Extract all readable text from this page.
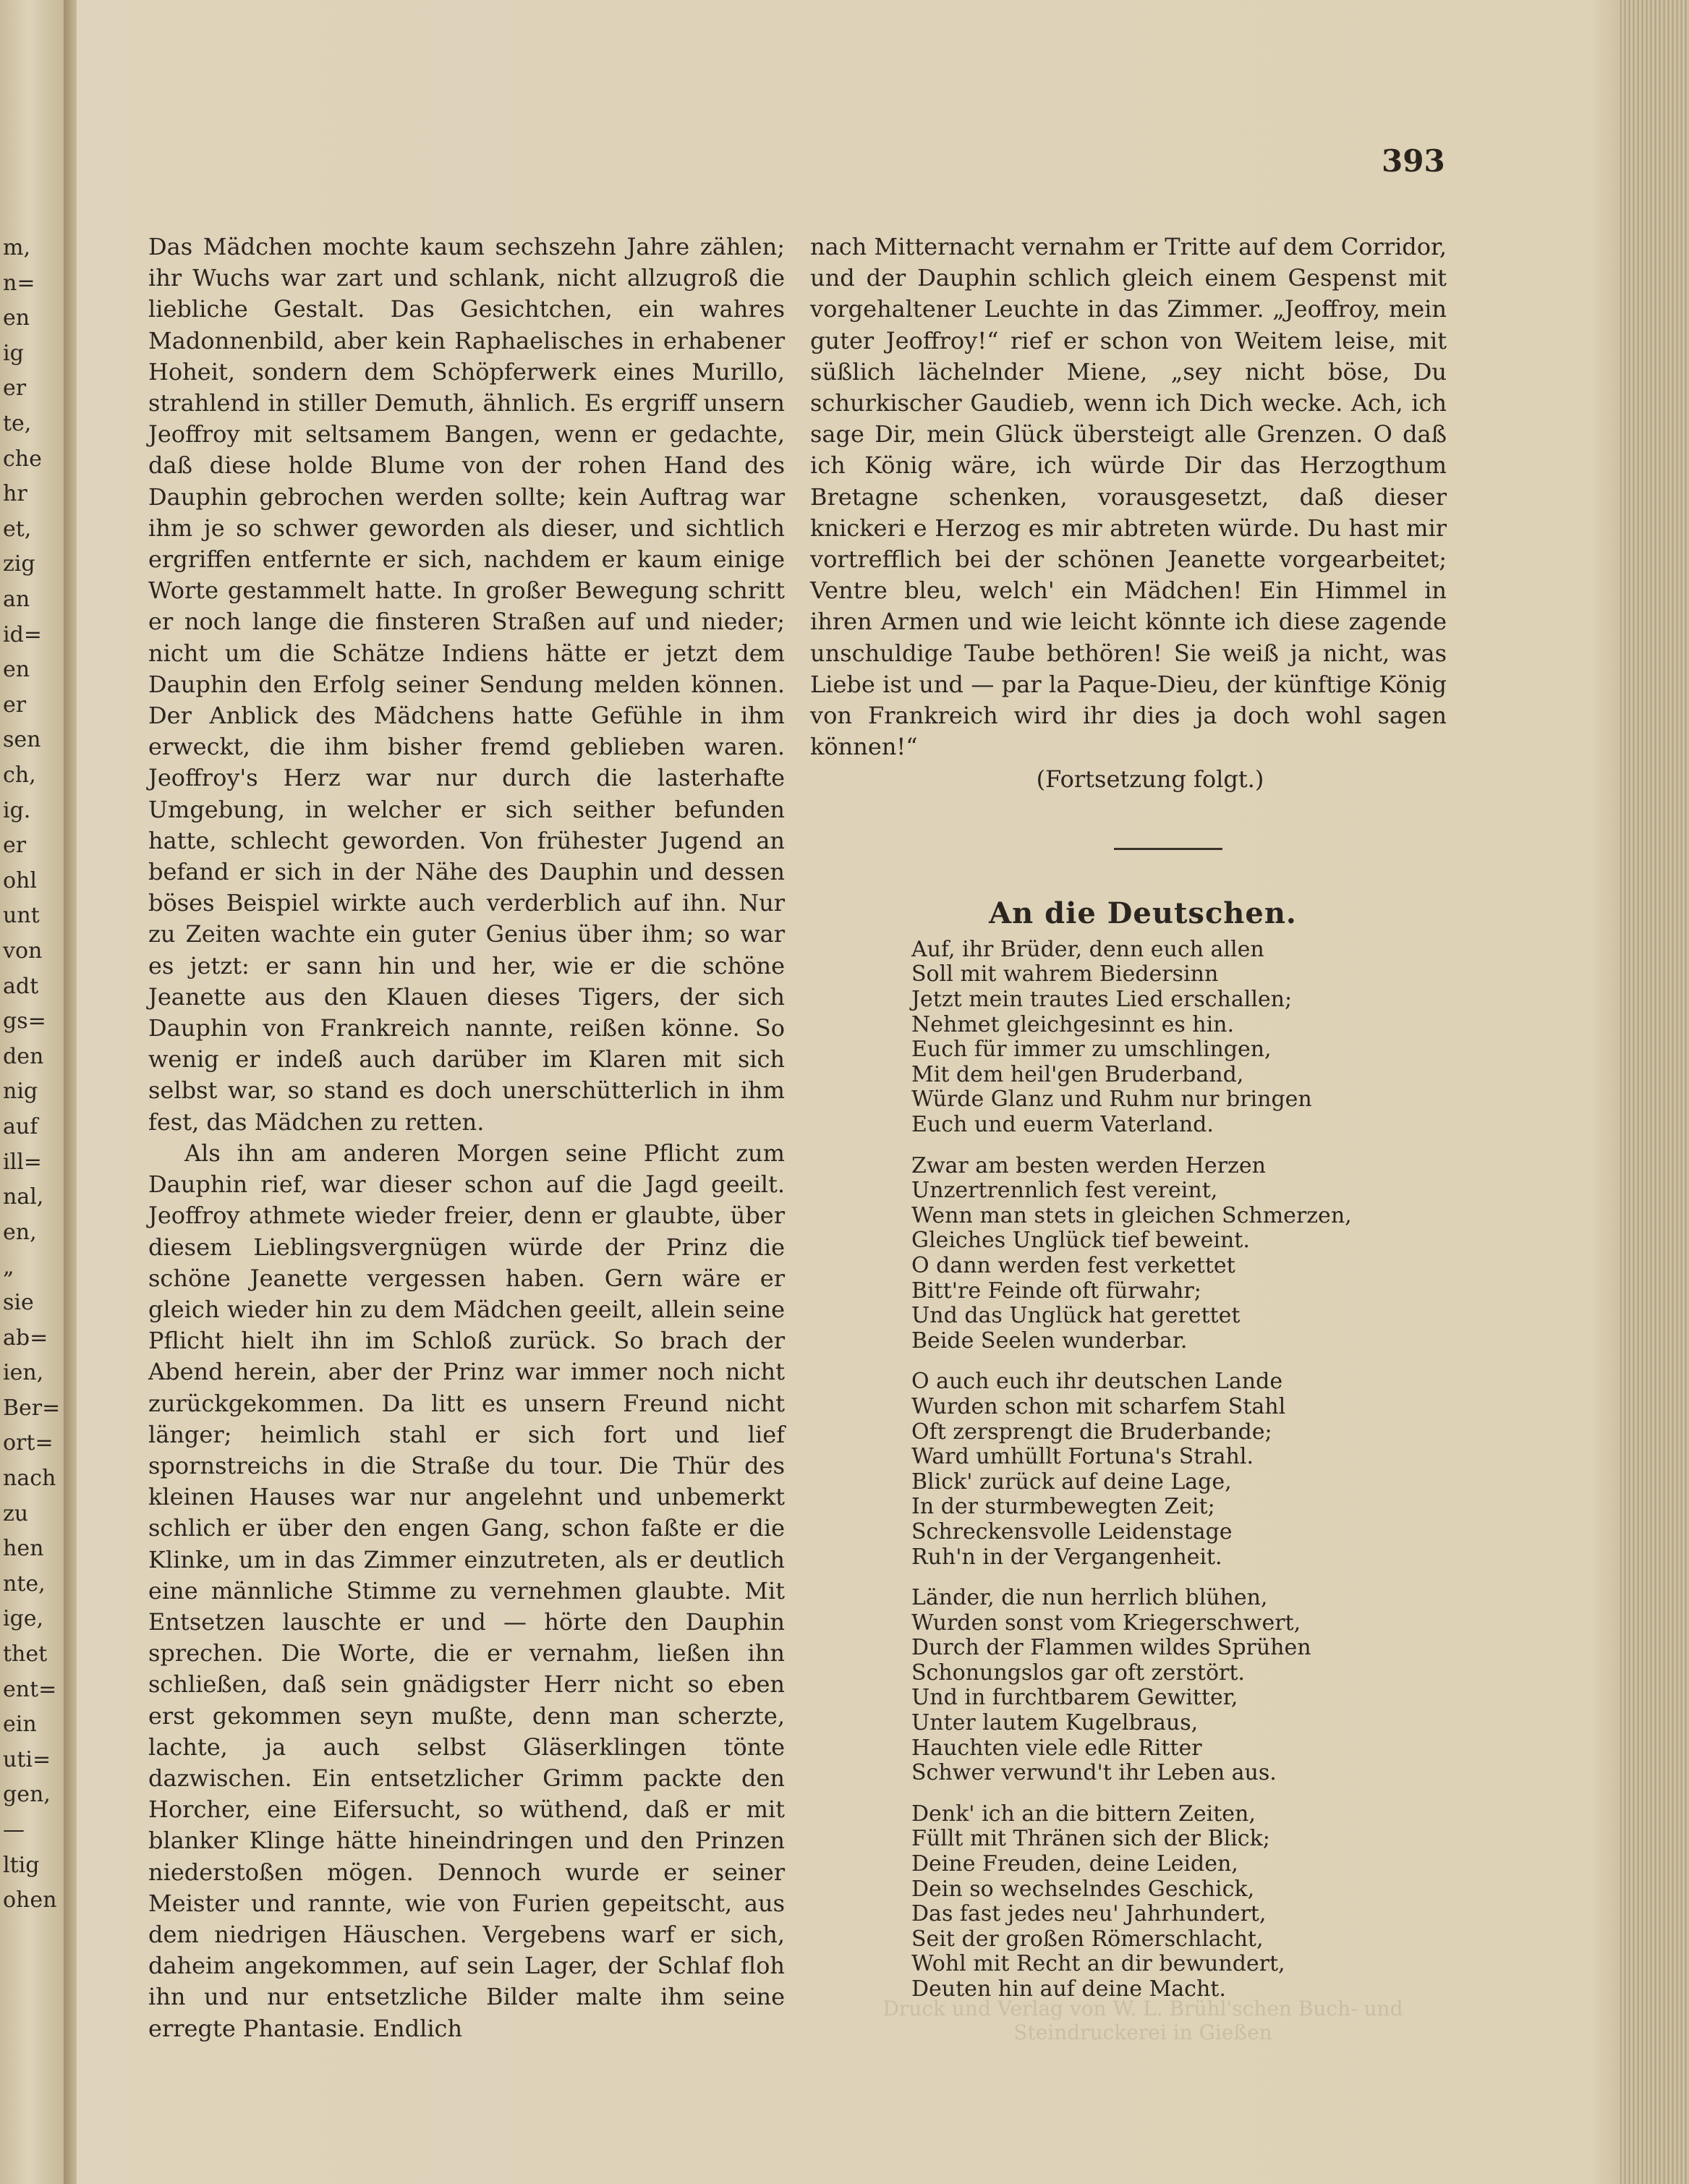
m,
n=
en
ig
er
te,
che
hr
et,
zig
an
id=
en
er
sen
ch,
ig.
er
ohl
unt
von
adt
gs=
den
nig
auf
ill=
nal,
en,
„
sie
ab=
ien,
Ber=
ort=
nach
zu
hen
nte,
ige,
thet
ent=
ein
uti=
gen,
—
ltig
ohen
393

Das Mädchen mochte kaum sechszehn Jahre zählen; ihr Wuchs war zart und schlank, nicht allzugroß die liebliche Gestalt. Das Gesichtchen, ein wahres Madonnenbild, aber kein Raphaelisches in erhabener Hoheit, sondern dem Schöpferwerk eines Murillo, strahlend in stiller Demuth, ähnlich. Es ergriff unsern Jeoffroy mit seltsamem Bangen, wenn er gedachte, daß diese holde Blume von der rohen Hand des Dauphin gebrochen werden sollte; kein Auftrag war ihm je so schwer geworden als dieser, und sichtlich ergriffen entfernte er sich, nachdem er kaum einige Worte gestammelt hatte. In großer Bewegung schritt er noch lange die finsteren Straßen auf und nieder; nicht um die Schätze Indiens hätte er jetzt dem Dauphin den Erfolg seiner Sendung melden können. Der Anblick des Mädchens hatte Gefühle in ihm erweckt, die ihm bisher fremd geblieben waren. Jeoffroy's Herz war nur durch die lasterhafte Umgebung, in welcher er sich seither befunden hatte, schlecht geworden. Von frühester Jugend an befand er sich in der Nähe des Dauphin und dessen böses Beispiel wirkte auch verderblich auf ihn. Nur zu Zeiten wachte ein guter Genius über ihm; so war es jetzt: er sann hin und her, wie er die schöne Jeanette aus den Klauen dieses Tigers, der sich Dauphin von Frankreich nannte, reißen könne. So wenig er indeß auch darüber im Klaren mit sich selbst war, so stand es doch unerschütterlich in ihm fest, das Mädchen zu retten.

Als ihn am anderen Morgen seine Pflicht zum Dauphin rief, war dieser schon auf die Jagd geeilt. Jeoffroy athmete wieder freier, denn er glaubte, über diesem Lieblingsvergnügen würde der Prinz die schöne Jeanette vergessen haben. Gern wäre er gleich wieder hin zu dem Mädchen geeilt, allein seine Pflicht hielt ihn im Schloß zurück. So brach der Abend herein, aber der Prinz war immer noch nicht zurückgekommen. Da litt es unsern Freund nicht länger; heimlich stahl er sich fort und lief spornstreichs in die Straße du tour. Die Thür des kleinen Hauses war nur angelehnt und unbemerkt schlich er über den engen Gang, schon faßte er die Klinke, um in das Zimmer einzutreten, als er deutlich eine männliche Stimme zu vernehmen glaubte. Mit Entsetzen lauschte er und — hörte den Dauphin sprechen. Die Worte, die er vernahm, ließen ihn schließen, daß sein gnädigster Herr nicht so eben erst gekommen seyn mußte, denn man scherzte, lachte, ja auch selbst Gläserklingen tönte dazwischen. Ein entsetzlicher Grimm packte den Horcher, eine Eifersucht, so wüthend, daß er mit blanker Klinge hätte hineindringen und den Prinzen niederstoßen mögen. Dennoch wurde er seiner Meister und rannte, wie von Furien gepeitscht, aus dem niedrigen Häuschen. Vergebens warf er sich, daheim angekommen, auf sein Lager, der Schlaf floh ihn und nur entsetzliche Bilder malte ihm seine erregte Phantasie. Endlich

nach Mitternacht vernahm er Tritte auf dem Corridor, und der Dauphin schlich gleich einem Gespenst mit vorgehaltener Leuchte in das Zimmer. „Jeoffroy, mein guter Jeoffroy!“ rief er schon von Weitem leise, mit süßlich lächelnder Miene, „sey nicht böse, Du schurkischer Gaudieb, wenn ich Dich wecke. Ach, ich sage Dir, mein Glück übersteigt alle Grenzen. O daß ich König wäre, ich würde Dir das Herzogthum Bretagne schenken, vorausgesetzt, daß dieser knickeri e Herzog es mir abtreten würde. Du hast mir vortrefflich bei der schönen Jeanette vorgearbeitet; Ventre bleu, welch' ein Mädchen! Ein Himmel in ihren Armen und wie leicht könnte ich diese zagende unschuldige Taube bethören! Sie weiß ja nicht, was Liebe ist und — par la Paque-Dieu, der künftige König von Frankreich wird ihr dies ja doch wohl sagen können!“

(Fortsetzung folgt.)

An die Deutschen.
Auf, ihr Brüder, denn euch allen
Soll mit wahrem Biedersinn
Jetzt mein trautes Lied erschallen;
Nehmet gleichgesinnt es hin.
Euch für immer zu umschlingen,
Mit dem heil'gen Bruderband,
Würde Glanz und Ruhm nur bringen
Euch und euerm Vaterland.
Zwar am besten werden Herzen
Unzertrennlich fest vereint,
Wenn man stets in gleichen Schmerzen,
Gleiches Unglück tief beweint.
O dann werden fest verkettet
Bitt're Feinde oft fürwahr;
Und das Unglück hat gerettet
Beide Seelen wunderbar.
O auch euch ihr deutschen Lande
Wurden schon mit scharfem Stahl
Oft zersprengt die Bruderbande;
Ward umhüllt Fortuna's Strahl.
Blick' zurück auf deine Lage,
In der sturmbewegten Zeit;
Schreckensvolle Leidenstage
Ruh'n in der Vergangenheit.
Länder, die nun herrlich blühen,
Wurden sonst vom Kriegerschwert,
Durch der Flammen wildes Sprühen
Schonungslos gar oft zerstört.
Und in furchtbarem Gewitter,
Unter lautem Kugelbraus,
Hauchten viele edle Ritter
Schwer verwund't ihr Leben aus.
Denk' ich an die bittern Zeiten,
Füllt mit Thränen sich der Blick;
Deine Freuden, deine Leiden,
Dein so wechselndes Geschick,
Das fast jedes neu' Jahrhundert,
Seit der großen Römerschlacht,
Wohl mit Recht an dir bewundert,
Deuten hin auf deine Macht.
Druck und Verlag von W. L. Brühl'schen Buch- und Steindruckerei in Gießen
